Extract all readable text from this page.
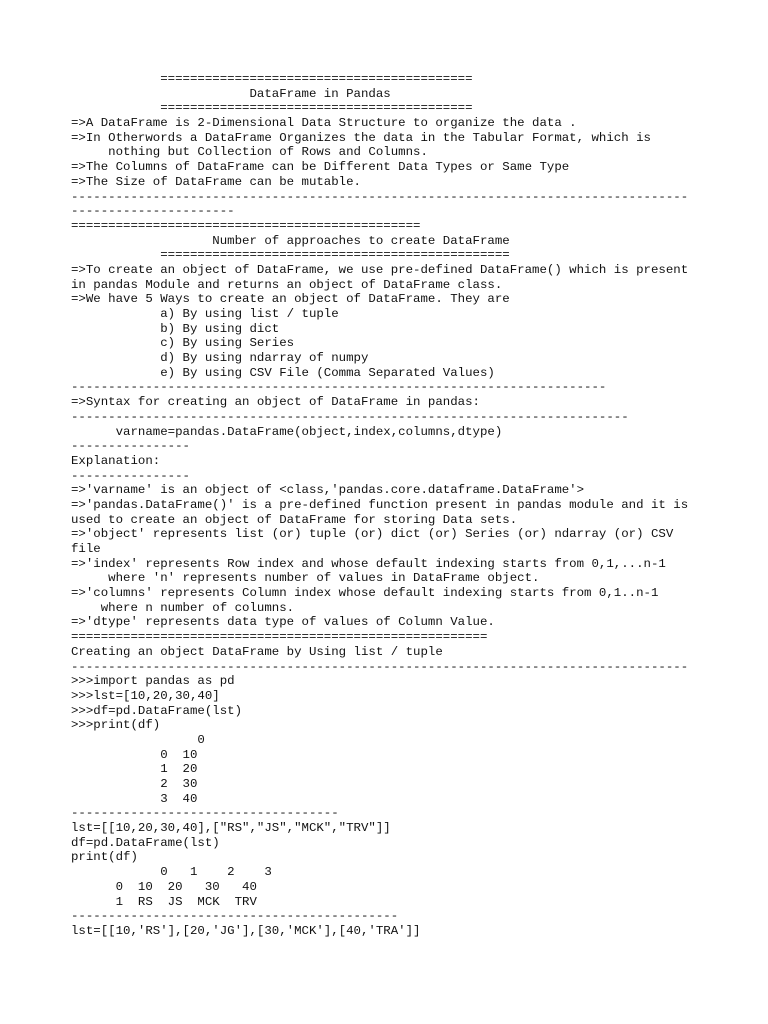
==========================================
DataFrame in Pandas
==========================================
=>A DataFrame is 2-Dimensional Data Structure to organize the data .
=>In Otherwords a DataFrame Organizes the data in the Tabular Format, which is
nothing but Collection of Rows and Columns.
=>The Columns of DataFrame can be Different Data Types or Same Type
=>The Size of DataFrame can be mutable.
-----------------------------------------------------------------------------------
----------------------
===============================================
Number of approaches to create DataFrame
===============================================
=>To create an object of DataFrame, we use pre-defined DataFrame() which is present
in pandas Module and returns an object of DataFrame class.
=>We have 5 Ways to create an object of DataFrame. They are
a) By using list / tuple
b) By using dict
c) By using Series
d) By using ndarray of numpy
e) By using CSV File (Comma Separated Values)
------------------------------------------------------------------------
=>Syntax for creating an object of DataFrame in pandas:
---------------------------------------------------------------------------
varname=pandas.DataFrame(object,index,columns,dtype)
----------------
Explanation:
----------------
=>'varname' is an object of <class,'pandas.core.dataframe.DataFrame'>
=>'pandas.DataFrame()' is a pre-defined function present in pandas module and it is
used to create an object of DataFrame for storing Data sets.
=>'object' represents list (or) tuple (or) dict (or) Series (or) ndarray (or) CSV
file
=>'index' represents Row index and whose default indexing starts from 0,1,...n-1
where 'n' represents number of values in DataFrame object.
=>'columns' represents Column index whose default indexing starts from 0,1..n-1
where n number of columns.
=>'dtype' represents data type of values of Column Value.
========================================================
Creating an object DataFrame by Using list / tuple
-----------------------------------------------------------------------------------
>>>import pandas as pd
>>>lst=[10,20,30,40]
>>>df=pd.DataFrame(lst)
>>>print(df)
0
0  10
1  20
2  30
3  40
------------------------------------
lst=[[10,20,30,40],["RS","JS","MCK","TRV"]]
df=pd.DataFrame(lst)
print(df)
0   1    2    3
0  10  20   30   40
1  RS  JS  MCK  TRV
--------------------------------------------
lst=[[10,'RS'],[20,'JG'],[30,'MCK'],[40,'TRA']]
